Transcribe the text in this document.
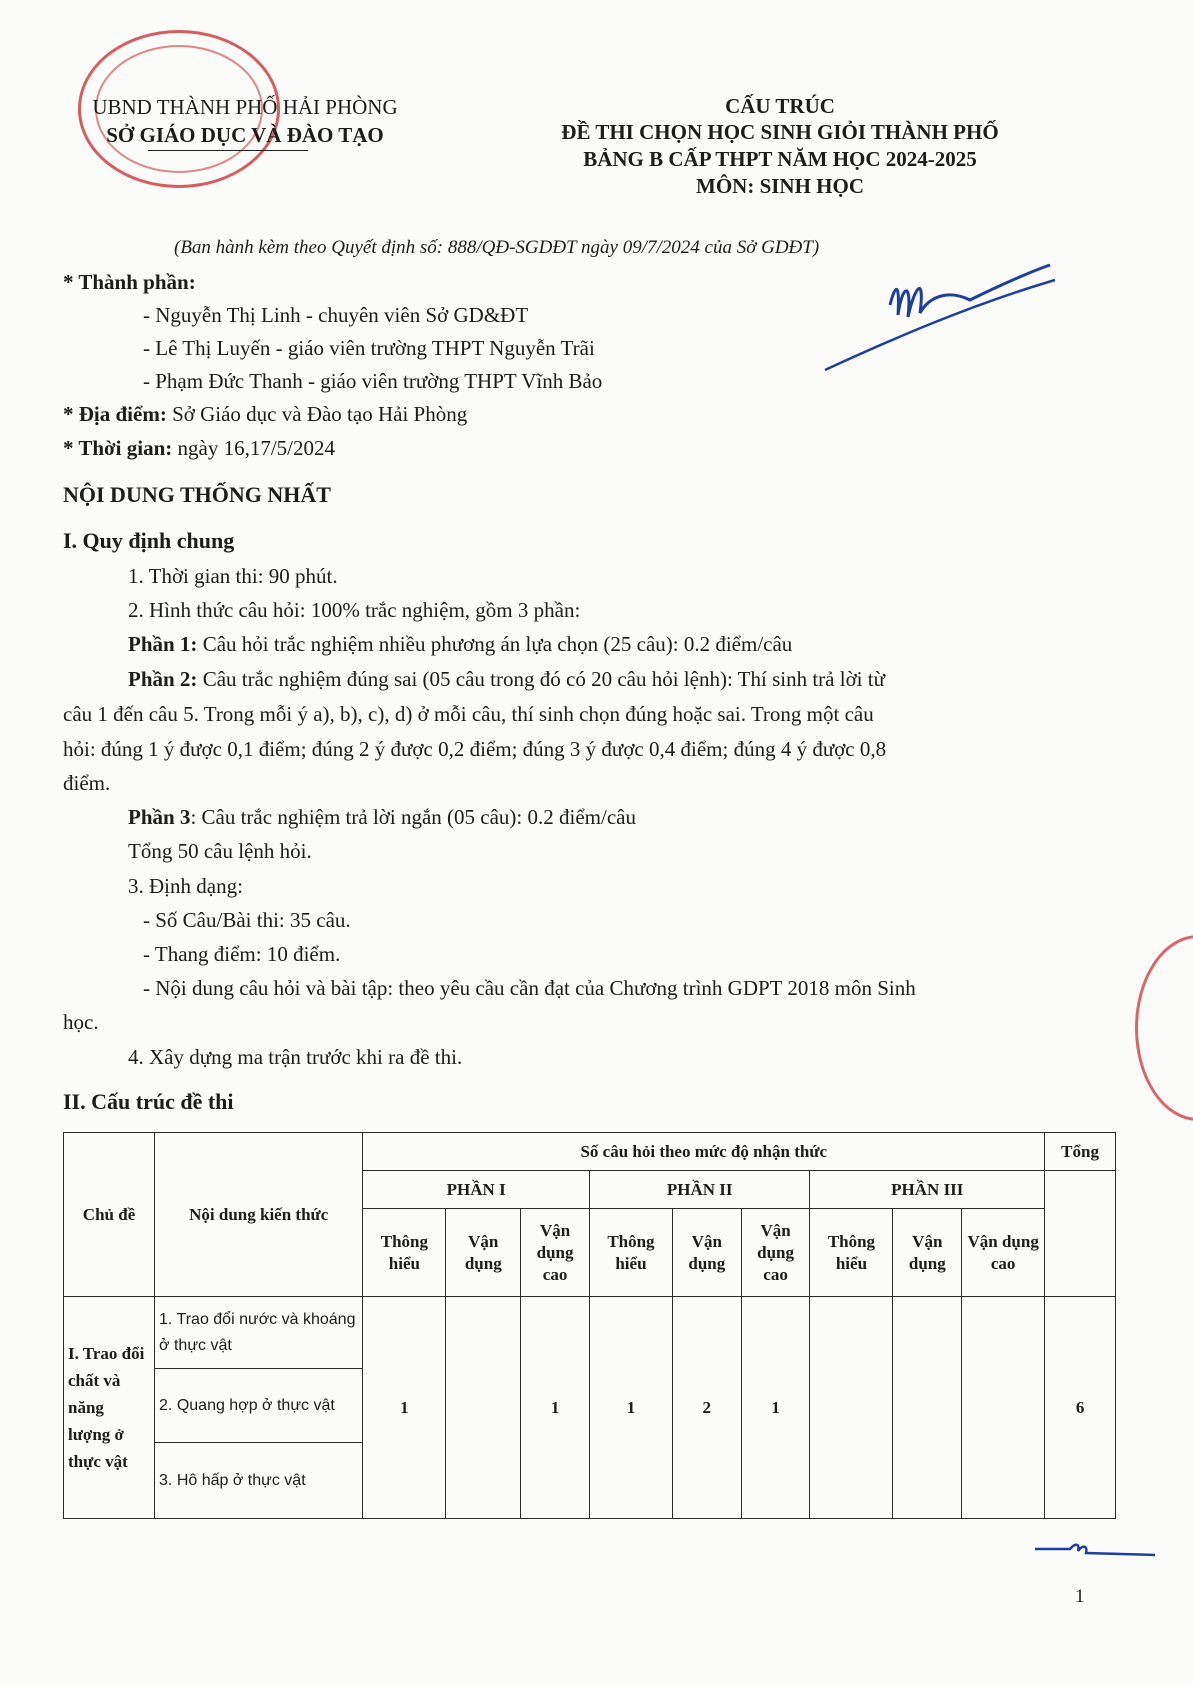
UBND THÀNH PHỐ HẢI PHÒNG
SỞ GIÁO DỤC VÀ ĐÀO TẠO
CẤU TRÚC
ĐỀ THI CHỌN HỌC SINH GIỎI THÀNH PHỐ
BẢNG B CẤP THPT NĂM HỌC 2024-2025
MÔN: SINH HỌC
(Ban hành kèm theo Quyết định số: 888/QĐ-SGDĐT ngày 09/7/2024 của Sở GDĐT)
* Thành phần:
- Nguyễn Thị Linh - chuyên viên Sở GD&ĐT
- Lê Thị Luyến - giáo viên trường THPT Nguyễn Trãi
- Phạm Đức Thanh - giáo viên trường THPT Vĩnh Bảo
* Địa điểm: Sở Giáo dục và Đào tạo Hải Phòng
* Thời gian: ngày 16,17/5/2024
NỘI DUNG THỐNG NHẤT
I. Quy định chung
1. Thời gian thi: 90 phút.
2. Hình thức câu hỏi: 100% trắc nghiệm, gồm 3 phần:
Phần 1: Câu hỏi trắc nghiệm nhiều phương án lựa chọn (25 câu): 0.2 điểm/câu
Phần 2: Câu trắc nghiệm đúng sai (05 câu trong đó có 20 câu hỏi lệnh): Thí sinh trả lời từ
câu 1 đến câu 5. Trong mỗi ý a), b), c), d) ở mỗi câu, thí sinh chọn đúng hoặc sai. Trong một câu
hỏi: đúng 1 ý được 0,1 điểm; đúng 2 ý được 0,2 điểm; đúng 3 ý được 0,4 điểm; đúng 4 ý được 0,8
điểm.
Phần 3: Câu trắc nghiệm trả lời ngắn (05 câu): 0.2 điểm/câu
Tổng 50 câu lệnh hỏi.
3. Định dạng:
- Số Câu/Bài thi: 35 câu.
- Thang điểm: 10 điểm.
- Nội dung câu hỏi và bài tập: theo yêu cầu cần đạt của Chương trình GDPT 2018 môn Sinh
học.
4. Xây dựng ma trận trước khi ra đề thi.
II. Cấu trúc đề thi
Chủ đề	Nội dung kiến thức	Số câu hỏi theo mức độ nhận thức									Tổng
		PHẦN I			PHẦN II			PHẦN III			
		Thông hiểu	Vận dụng	Vận dụng cao	Thông hiểu	Vận dụng	Vận dụng cao	Thông hiểu	Vận dụng	Vận dụng cao	
I. Trao đổi chất và năng lượng ở thực vật	1. Trao đổi nước và khoáng ở thực vật	1		1	1	2	1				6
	2. Quang hợp ở thực vật										
	3. Hô hấp ở thực vật										
1
